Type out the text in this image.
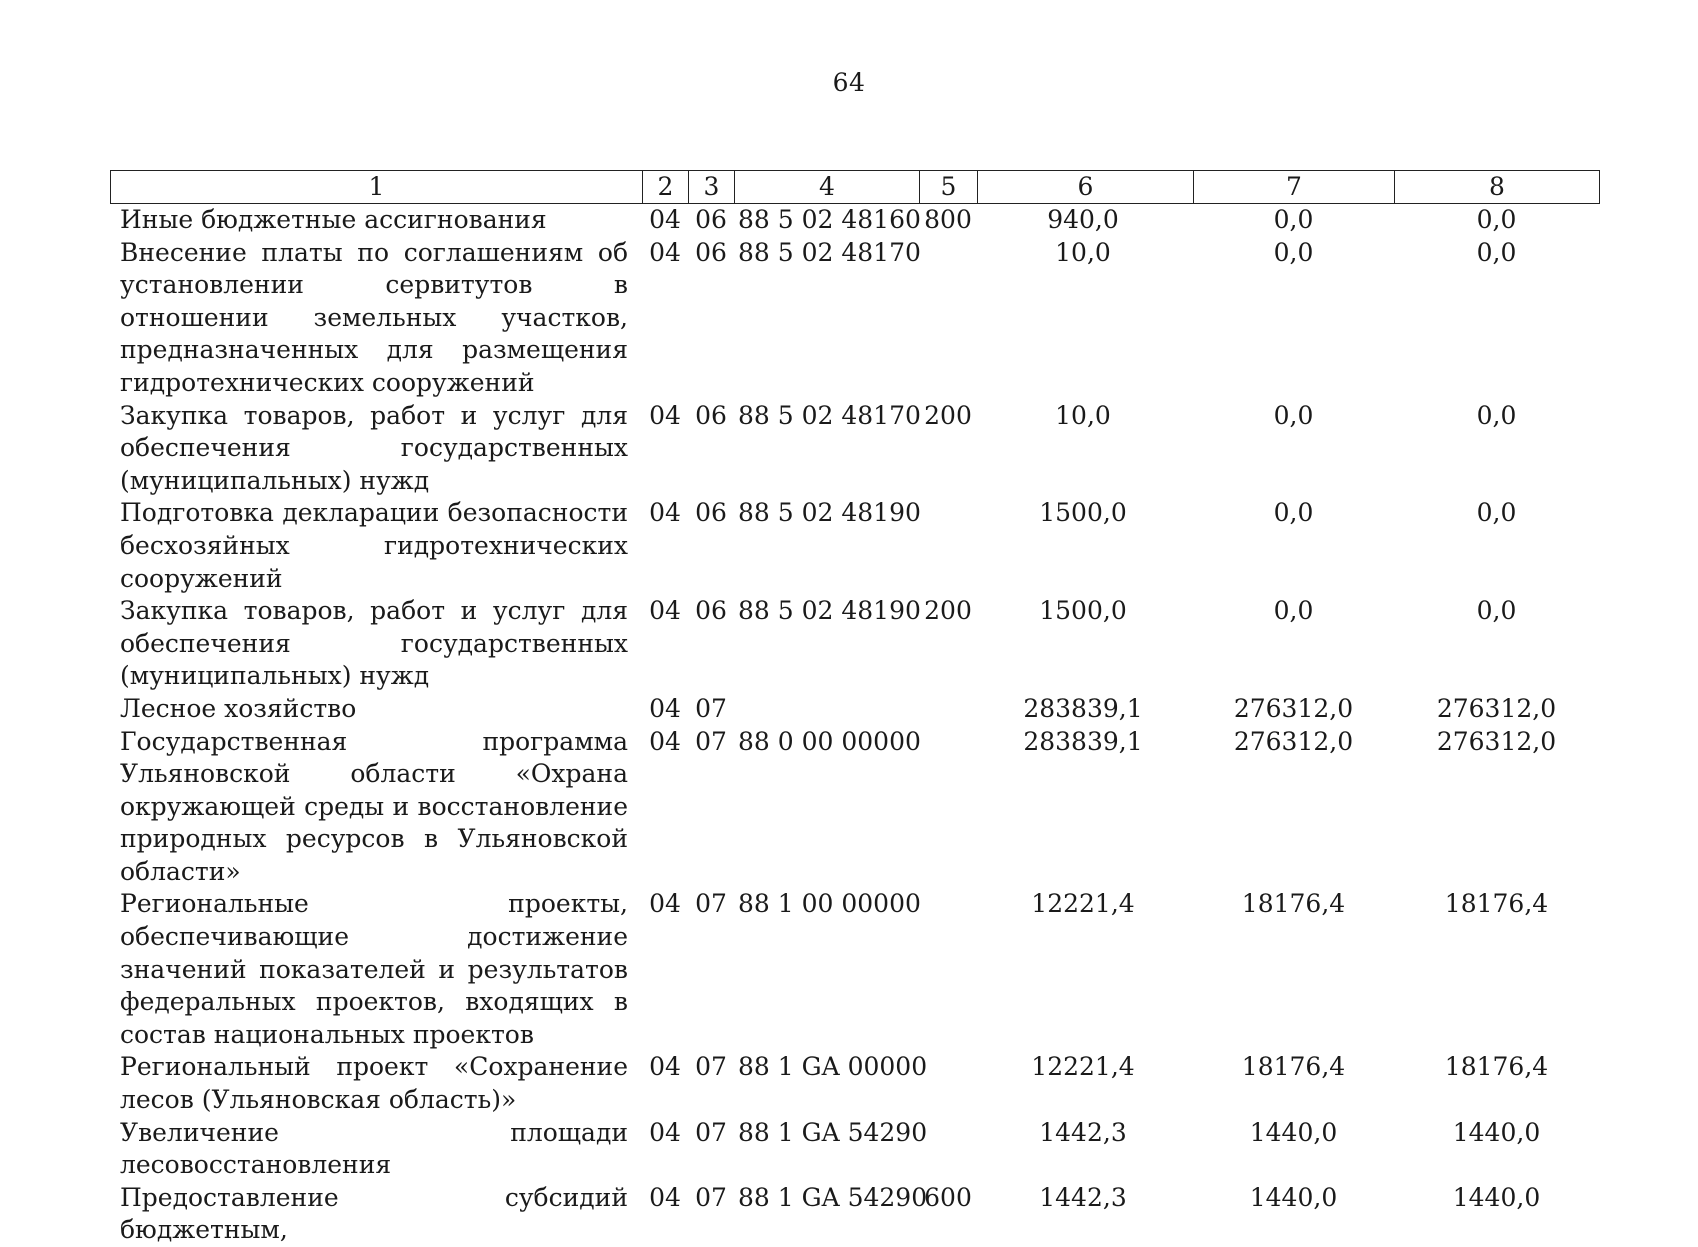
64
1	2	3	4	5	6	7	8
Иные бюджетные ассигнования	04	06	88 5 02 48160	800	940,0	0,0	0,0
Внесение платы по соглашениям об установлении сервитутов в отношении земельных участков, предназначенных для размещения гидротехнических сооружений	04	06	88 5 02 48170		10,0	0,0	0,0
Закупка товаров, работ и услуг для обеспечения государственных (муниципальных) нужд	04	06	88 5 02 48170	200	10,0	0,0	0,0
Подготовка декларации безопасности бесхозяйных гидротехнических сооружений	04	06	88 5 02 48190		1500,0	0,0	0,0
Закупка товаров, работ и услуг для обеспечения государственных (муниципальных) нужд	04	06	88 5 02 48190	200	1500,0	0,0	0,0
Лесное хозяйство	04	07			283839,1	276312,0	276312,0
Государственная программа Ульяновской области «Охрана окружающей среды и восстановление природных ресурсов в Ульяновской области»	04	07	88 0 00 00000		283839,1	276312,0	276312,0
Региональные проекты, обеспечивающие достижение значений показателей и результатов федеральных проектов, входящих в состав национальных проектов	04	07	88 1 00 00000		12221,4	18176,4	18176,4
Региональный проект «Сохранение лесов (Ульяновская область)»	04	07	88 1 GA 00000		12221,4	18176,4	18176,4
Увеличение площади лесовосстановления	04	07	88 1 GA 54290		1442,3	1440,0	1440,0
Предоставление субсидий бюджетным,	04	07	88 1 GA 54290	600	1442,3	1440,0	1440,0
